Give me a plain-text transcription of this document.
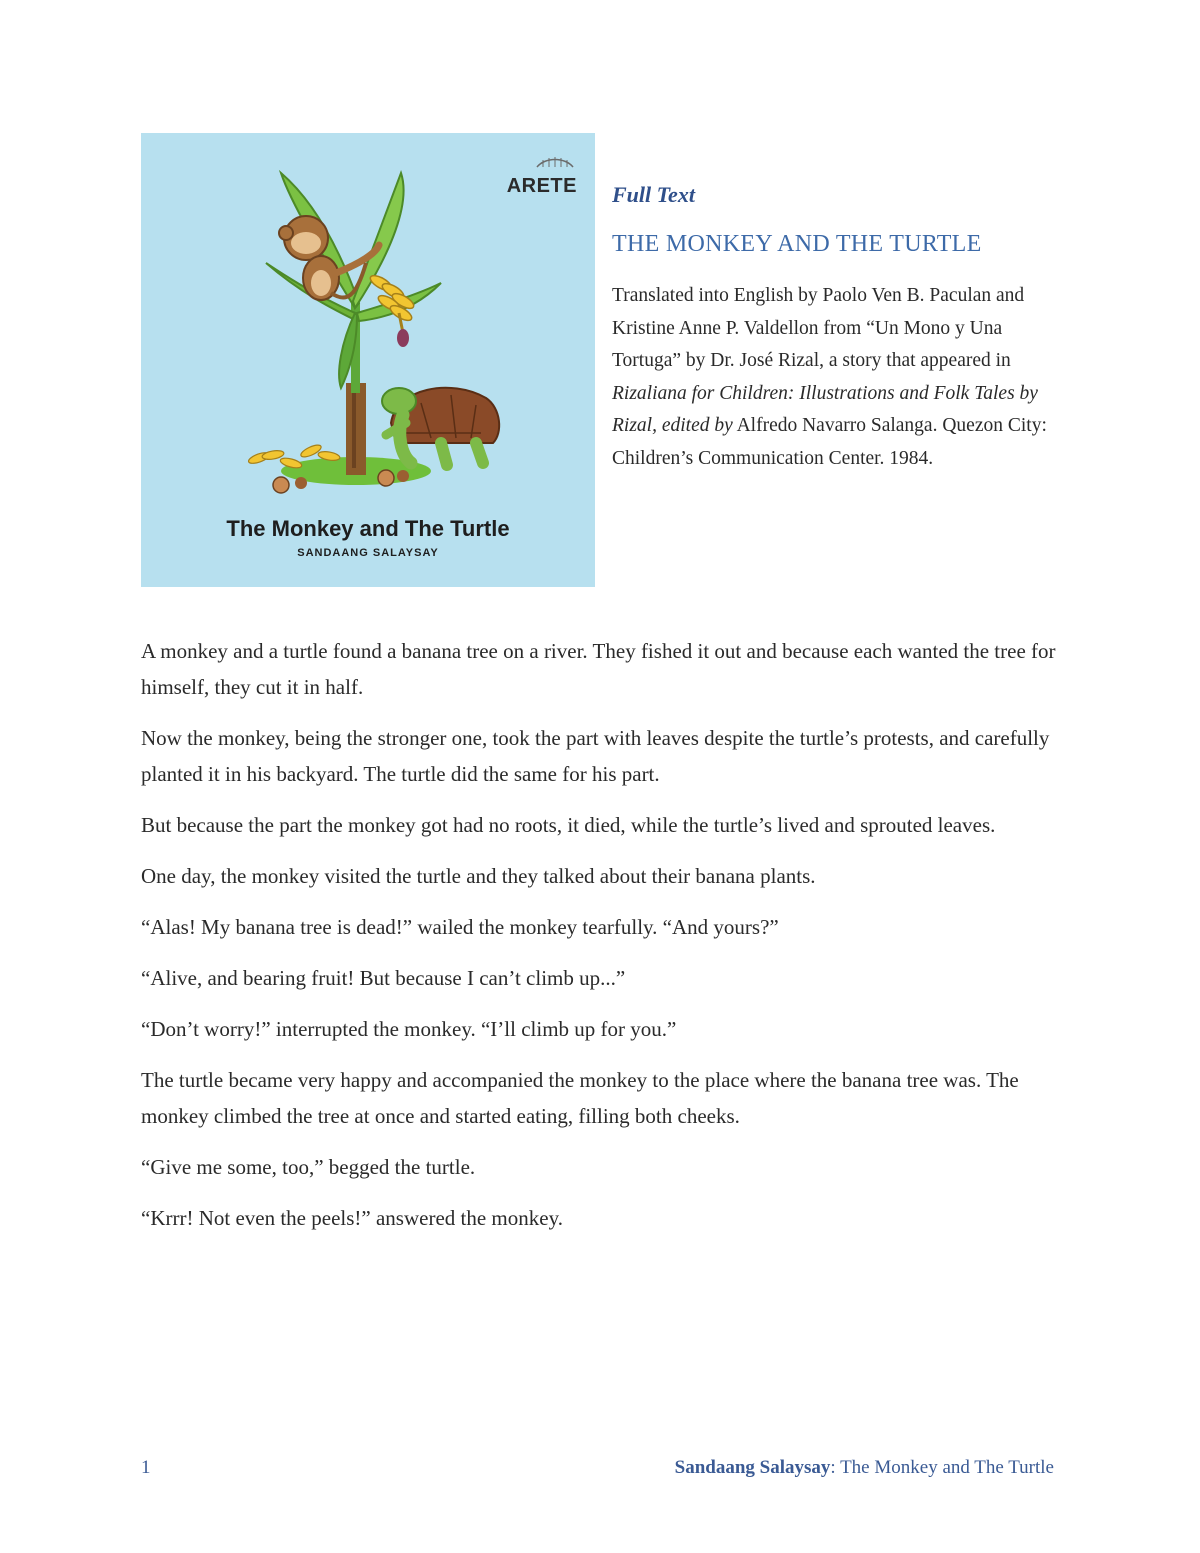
ARETE
The Monkey and The Turtle
SANDAANG SALAYSAY
Full Text
THE MONKEY AND THE TURTLE

Translated into English by Paolo Ven B. Paculan and Kristine Anne P. Valdellon from “Un Mono y Una Tortuga” by Dr. José Rizal, a story that appeared in Rizaliana for Children: Illustrations and Folk Tales by Rizal, edited by Alfredo Navarro Salanga. Quezon City: Children’s Communication Center. 1984.

A monkey and a turtle found a banana tree on a river. They fished it out and because each wanted the tree for himself, they cut it in half.

Now the monkey, being the stronger one, took the part with leaves despite the turtle’s protests, and carefully planted it in his backyard. The turtle did the same for his part.

But because the part the monkey got had no roots, it died, while the turtle’s lived and sprouted leaves.

One day, the monkey visited the turtle and they talked about their banana plants.

“Alas! My banana tree is dead!” wailed the monkey tearfully. “And yours?”

“Alive, and bearing fruit! But because I can’t climb up...”

“Don’t worry!” interrupted the monkey. “I’ll climb up for you.”

The turtle became very happy and accompanied the monkey to the place where the banana tree was. The monkey climbed the tree at once and started eating, filling both cheeks.

“Give me some, too,” begged the turtle.

“Krrr! Not even the peels!” answered the monkey.

1	Sandaang Salaysay: The Monkey and The Turtle
